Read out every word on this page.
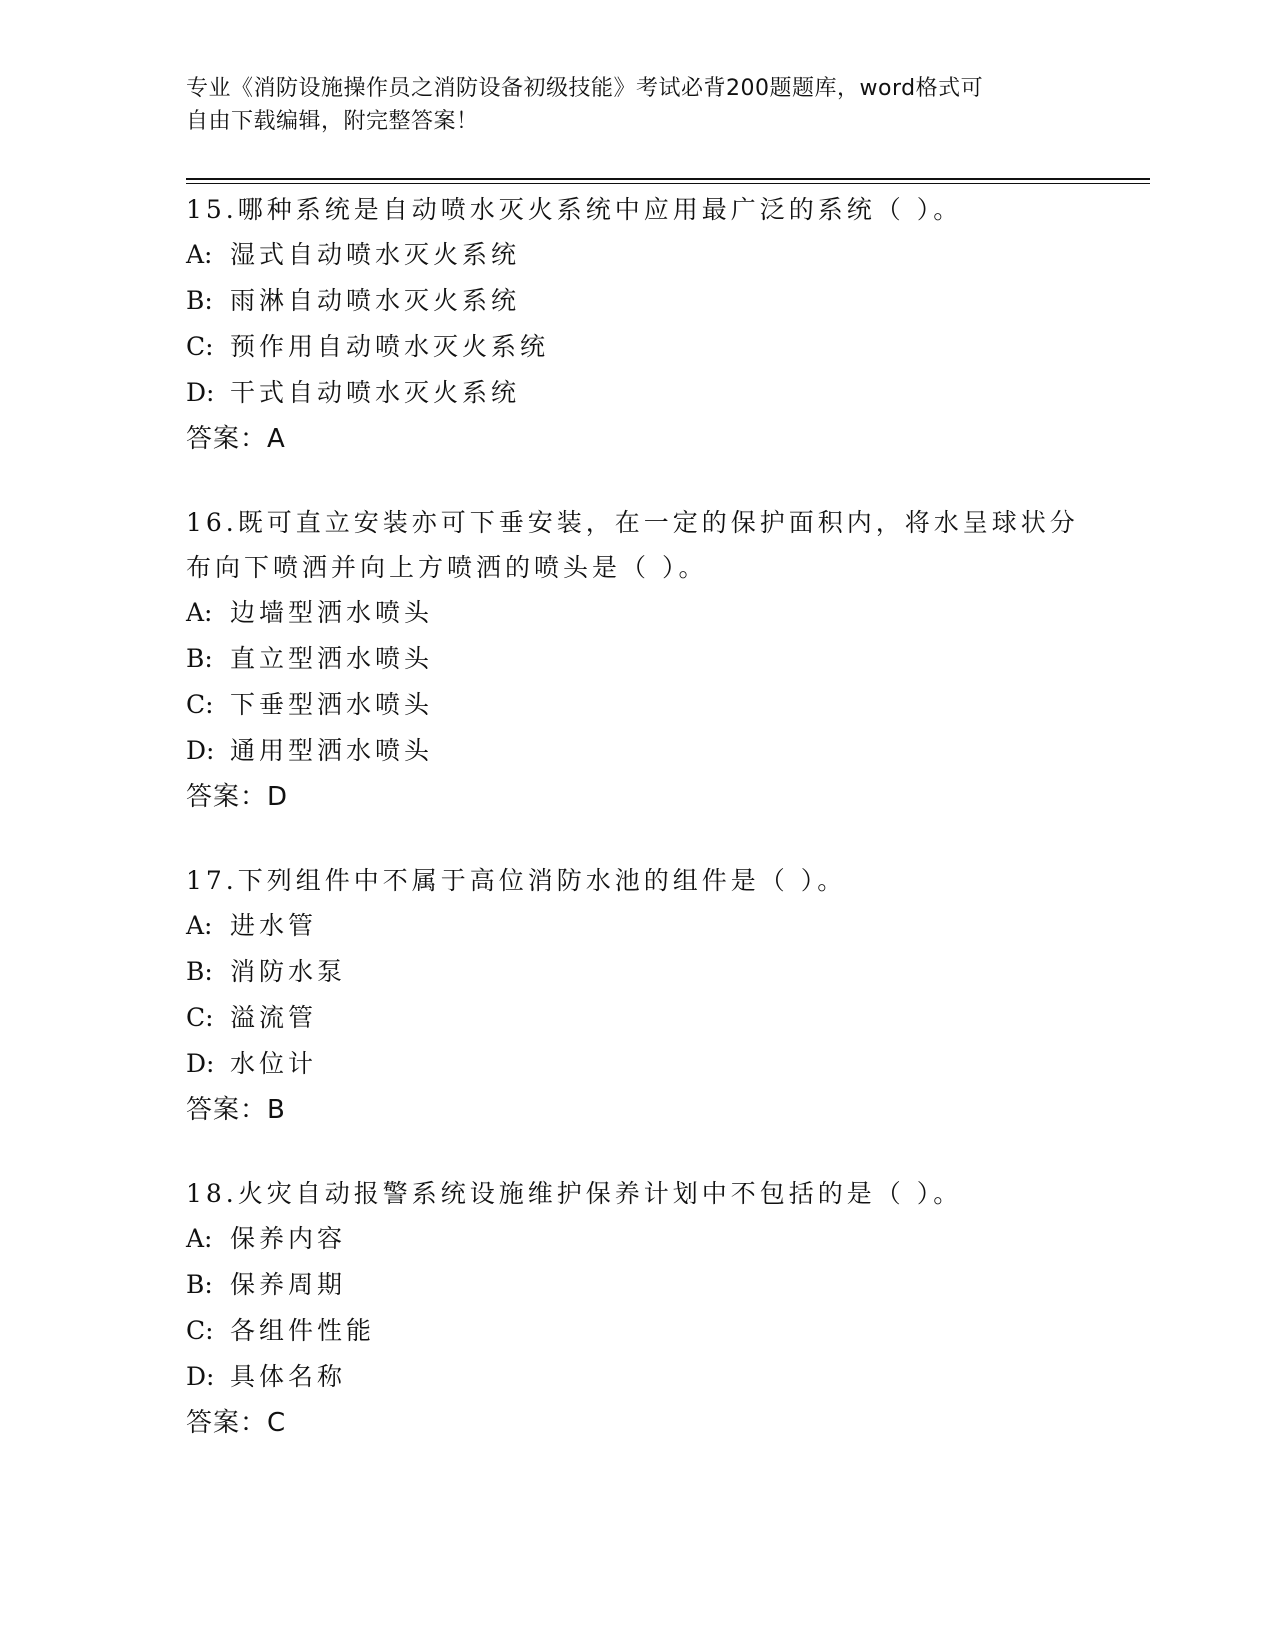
专业《消防设施操作员之消防设备初级技能》考试必背200题题库，word格式可
自由下载编辑，附完整答案！
15.哪种系统是自动喷水灭火系统中应用最广泛的系统（ ）。
A: 湿式自动喷水灭火系统
B: 雨淋自动喷水灭火系统
C: 预作用自动喷水灭火系统
D: 干式自动喷水灭火系统
答案：A
16.既可直立安装亦可下垂安装，在一定的保护面积内，将水呈球状分布向下喷洒并向上方喷洒的喷头是（ ）。
A: 边墙型洒水喷头
B: 直立型洒水喷头
C: 下垂型洒水喷头
D: 通用型洒水喷头
答案：D
17.下列组件中不属于高位消防水池的组件是（ ）。
A: 进水管
B: 消防水泵
C: 溢流管
D: 水位计
答案：B
18.火灾自动报警系统设施维护保养计划中不包括的是（ ）。
A: 保养内容
B: 保养周期
C: 各组件性能
D: 具体名称
答案：C
